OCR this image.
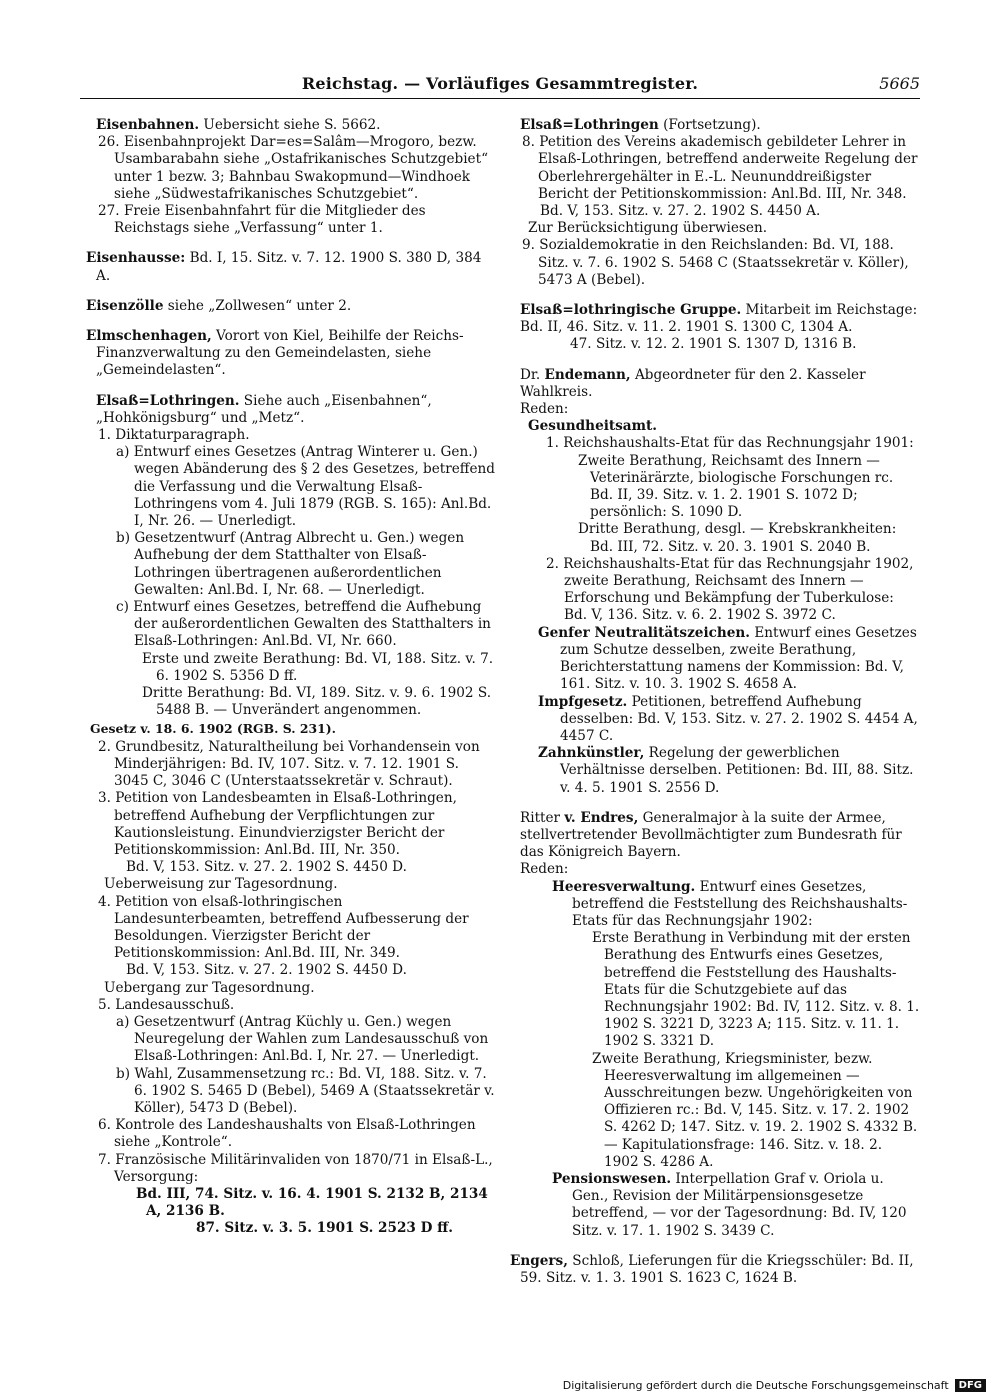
Reichstag. — Vorläufiges Gesammtregister.	5665
Eisenbahnen. Uebersicht siehe S. 5662.

26. Eisenbahnprojekt Dar=es=Salâm—Mrogoro, bezw. Usambarabahn siehe „Ostafrikanisches Schutzgebiet“ unter 1 bezw. 3; Bahnbau Swakopmund—Windhoek siehe „Südwestafrikanisches Schutzgebiet“.

27. Freie Eisenbahnfahrt für die Mitglieder des Reichstags siehe „Verfassung“ unter 1.

Eisenhausse: Bd. I, 15. Sitz. v. 7. 12. 1900 S. 380 D, 384 A.
Eisenzölle siehe „Zollwesen“ unter 2.
Elmschenhagen, Vorort von Kiel, Beihilfe der Reichs-Finanzverwaltung zu den Gemeindelasten, siehe „Gemeindelasten“.
Elsaß=Lothringen. Siehe auch „Eisenbahnen“, „Hohkönigsburg“ und „Metz“.

1. Diktaturparagraph.

a) Entwurf eines Gesetzes (Antrag Winterer u. Gen.) wegen Abänderung des § 2 des Gesetzes, betreffend die Verfassung und die Verwaltung Elsaß-Lothringens vom 4. Juli 1879 (RGB. S. 165): Anl.Bd. I, Nr. 26. — Unerledigt.

b) Gesetzentwurf (Antrag Albrecht u. Gen.) wegen Aufhebung der dem Statthalter von Elsaß-Lothringen übertragenen außerordentlichen Gewalten: Anl.Bd. I, Nr. 68. — Unerledigt.

c) Entwurf eines Gesetzes, betreffend die Aufhebung der außerordentlichen Gewalten des Statthalters in Elsaß-Lothringen: Anl.Bd. VI, Nr. 660.

Erste und zweite Berathung: Bd. VI, 188. Sitz. v. 7. 6. 1902 S. 5356 D ff.

Dritte Berathung: Bd. VI, 189. Sitz. v. 9. 6. 1902 S. 5488 B. — Unverändert angenommen.

Gesetz v. 18. 6. 1902 (RGB. S. 231).

2. Grundbesitz, Naturaltheilung bei Vorhandensein von Minderjährigen: Bd. IV, 107. Sitz. v. 7. 12. 1901 S. 3045 C, 3046 C (Unterstaatssekretär v. Schraut).

3. Petition von Landesbeamten in Elsaß-Lothringen, betreffend Aufhebung der Verpflichtungen zur Kautionsleistung. Einundvierzigster Bericht der Petitionskommission: Anl.Bd. III, Nr. 350.

Bd. V, 153. Sitz. v. 27. 2. 1902 S. 4450 D.

Ueberweisung zur Tagesordnung.

4. Petition von elsaß-lothringischen Landesunterbeamten, betreffend Aufbesserung der Besoldungen. Vierzigster Bericht der Petitionskommission: Anl.Bd. III, Nr. 349.

Bd. V, 153. Sitz. v. 27. 2. 1902 S. 4450 D.

Uebergang zur Tagesordnung.

5. Landesausschuß.

a) Gesetzentwurf (Antrag Küchly u. Gen.) wegen Neuregelung der Wahlen zum Landesausschuß von Elsaß-Lothringen: Anl.Bd. I, Nr. 27. — Unerledigt.

b) Wahl, Zusammensetzung rc.: Bd. VI, 188. Sitz. v. 7. 6. 1902 S. 5465 D (Bebel), 5469 A (Staatssekretär v. Köller), 5473 D (Bebel).

6. Kontrole des Landeshaushalts von Elsaß-Lothringen siehe „Kontrole“.

7. Französische Militärinvaliden von 1870/71 in Elsaß-L., Versorgung:

Bd. III, 74. Sitz. v. 16. 4. 1901 S. 2132 B, 2134 A, 2136 B.

87. Sitz. v. 3. 5. 1901 S. 2523 D ff.

Elsaß=Lothringen (Fortsetzung).

8. Petition des Vereins akademisch gebildeter Lehrer in Elsaß-Lothringen, betreffend anderweite Regelung der Oberlehrergehälter in E.-L. Neununddreißigster Bericht der Petitionskommission: Anl.Bd. III, Nr. 348.

Bd. V, 153. Sitz. v. 27. 2. 1902 S. 4450 A.

Zur Berücksichtigung überwiesen.

9. Sozialdemokratie in den Reichslanden: Bd. VI, 188. Sitz. v. 7. 6. 1902 S. 5468 C (Staatssekretär v. Köller), 5473 A (Bebel).

Elsaß=lothringische Gruppe. Mitarbeit im Reichstage:

Bd. II, 46. Sitz. v. 11. 2. 1901 S. 1300 C, 1304 A.

47. Sitz. v. 12. 2. 1901 S. 1307 D, 1316 B.

Dr. Endemann, Abgeordneter für den 2. Kasseler Wahlkreis.

Reden:

Gesundheitsamt.

1. Reichshaushalts-Etat für das Rechnungsjahr 1901:

Zweite Berathung, Reichsamt des Innern — Veterinärärzte, biologische Forschungen rc. Bd. II, 39. Sitz. v. 1. 2. 1901 S. 1072 D; persönlich: S. 1090 D.

Dritte Berathung, desgl. — Krebskrankheiten: Bd. III, 72. Sitz. v. 20. 3. 1901 S. 2040 B.

2. Reichshaushalts-Etat für das Rechnungsjahr 1902, zweite Berathung, Reichsamt des Innern — Erforschung und Bekämpfung der Tuberkulose: Bd. V, 136. Sitz. v. 6. 2. 1902 S. 3972 C.

Genfer Neutralitätszeichen. Entwurf eines Gesetzes zum Schutze desselben, zweite Berathung, Berichterstattung namens der Kommission: Bd. V, 161. Sitz. v. 10. 3. 1902 S. 4658 A.

Impfgesetz. Petitionen, betreffend Aufhebung desselben: Bd. V, 153. Sitz. v. 27. 2. 1902 S. 4454 A, 4457 C.

Zahnkünstler, Regelung der gewerblichen Verhältnisse derselben. Petitionen: Bd. III, 88. Sitz. v. 4. 5. 1901 S. 2556 D.

Ritter v. Endres, Generalmajor à la suite der Armee, stellvertretender Bevollmächtigter zum Bundesrath für das Königreich Bayern.

Reden:

Heeresverwaltung. Entwurf eines Gesetzes, betreffend die Feststellung des Reichshaushalts-Etats für das Rechnungsjahr 1902:

Erste Berathung in Verbindung mit der ersten Berathung des Entwurfs eines Gesetzes, betreffend die Feststellung des Haushalts-Etats für die Schutzgebiete auf das Rechnungsjahr 1902: Bd. IV, 112. Sitz. v. 8. 1. 1902 S. 3221 D, 3223 A; 115. Sitz. v. 11. 1. 1902 S. 3321 D.

Zweite Berathung, Kriegsminister, bezw. Heeresverwaltung im allgemeinen — Ausschreitungen bezw. Ungehörigkeiten von Offizieren rc.: Bd. V, 145. Sitz. v. 17. 2. 1902 S. 4262 D; 147. Sitz. v. 19. 2. 1902 S. 4332 B. — Kapitulationsfrage: 146. Sitz. v. 18. 2. 1902 S. 4286 A.

Pensionswesen. Interpellation Graf v. Oriola u. Gen., Revision der Militärpensionsgesetze betreffend, — vor der Tagesordnung: Bd. IV, 120 Sitz. v. 17. 1. 1902 S. 3439 C.

Engers, Schloß, Lieferungen für die Kriegsschüler: Bd. II, 59. Sitz. v. 1. 3. 1901 S. 1623 C, 1624 B.
Digitalisierung gefördert durch die Deutsche Forschungsgemeinschaft	DFG
